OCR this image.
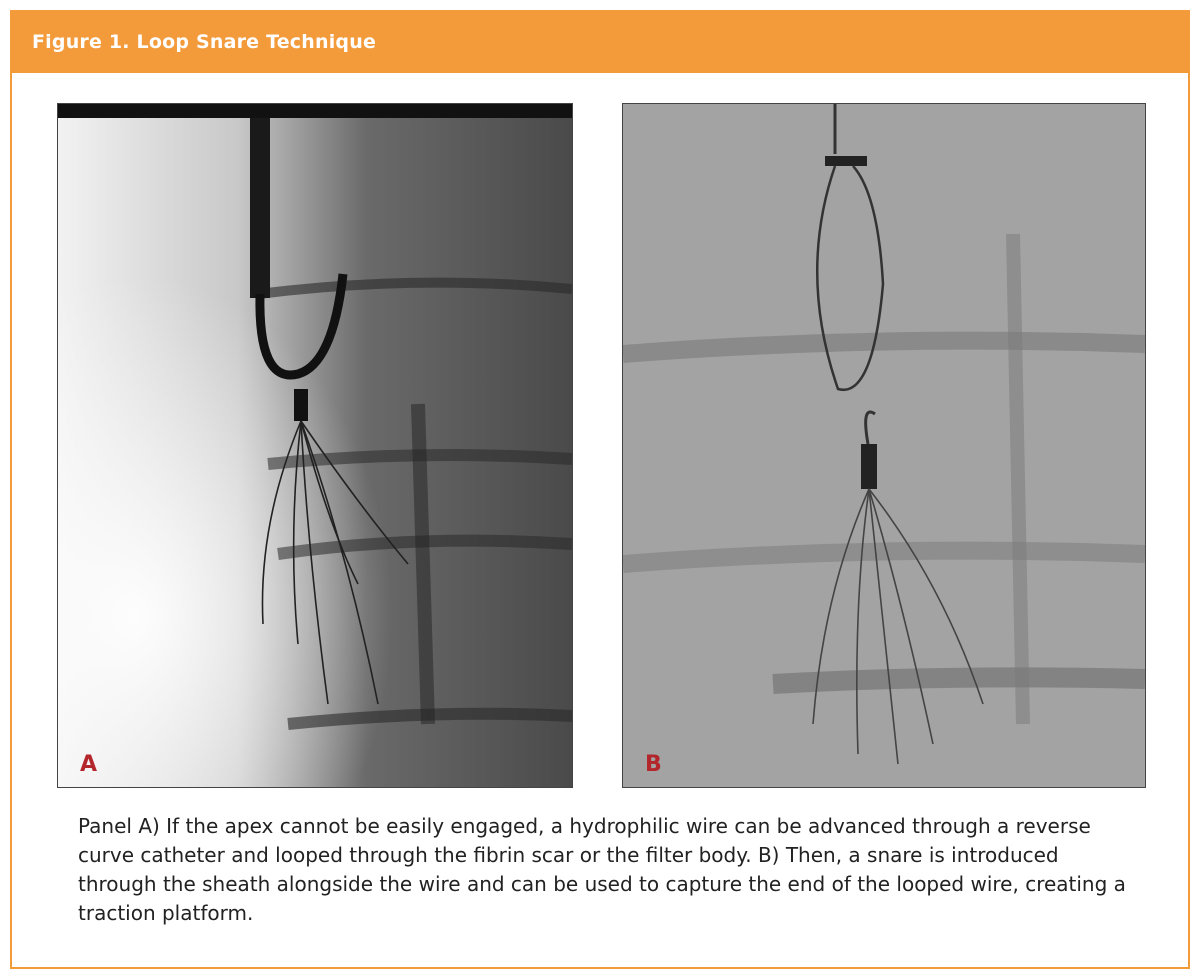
Figure 1. Loop Snare Technique
A	B
Panel A) If the apex cannot be easily engaged, a hydrophilic wire can be advanced through a reverse curve catheter and looped through the fibrin scar or the filter body. B) Then, a snare is introduced through the sheath alongside the wire and can be used to capture the end of the looped wire, creating a traction platform.
